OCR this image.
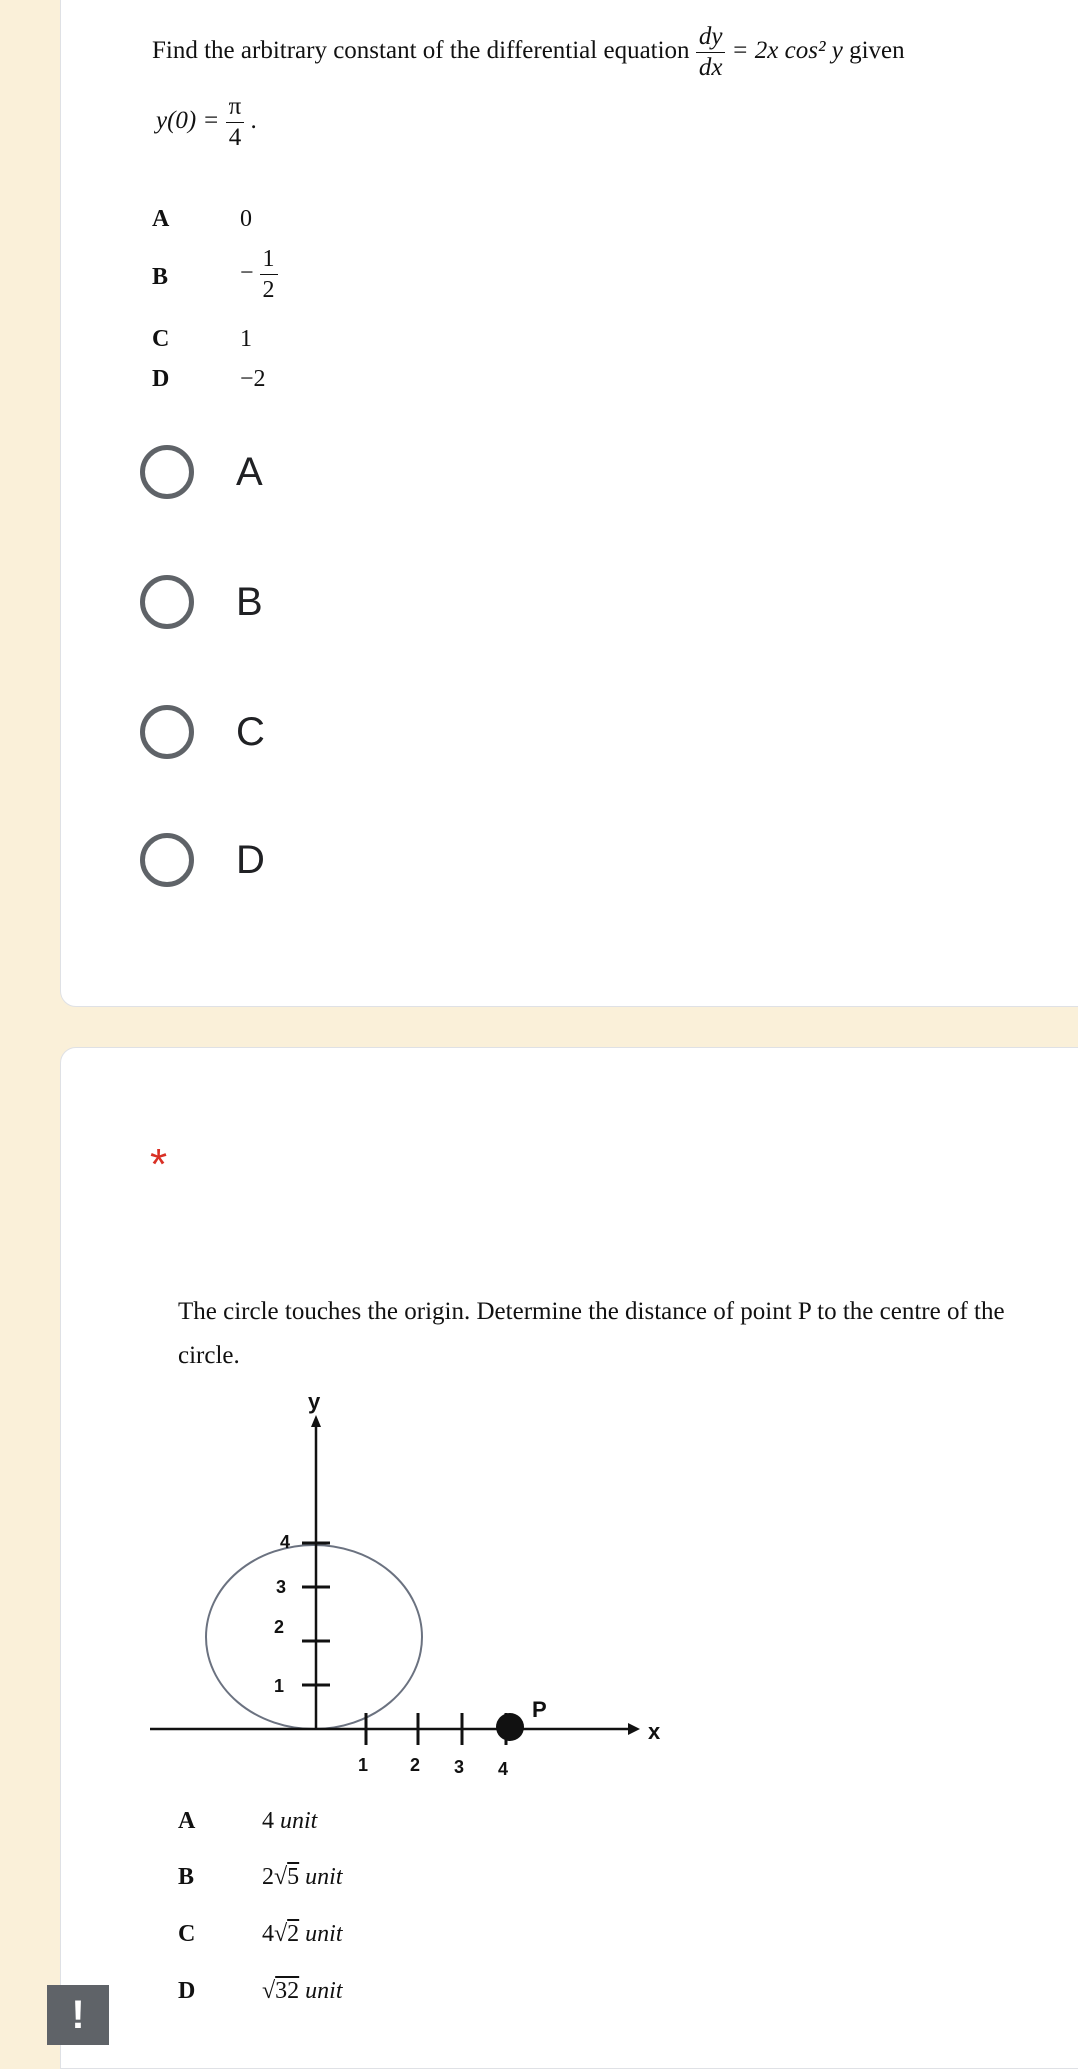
Find the arbitrary constant of the differential equation $\frac{dy}{dx} = 2x$ cos² y given
$y(0) = \frac{\pi}{4}$ .
A	0
B	− $\frac{1}{2}$
C	1
D	−2
A
B
C
D
*
The circle touches the origin. Determine the distance of point P to the centre of the circle.
x
y
1 2 3 4
1
2
3
4
P
A	4 unit
B	2√5 unit
C	4√2 unit
D	√32 unit
!
